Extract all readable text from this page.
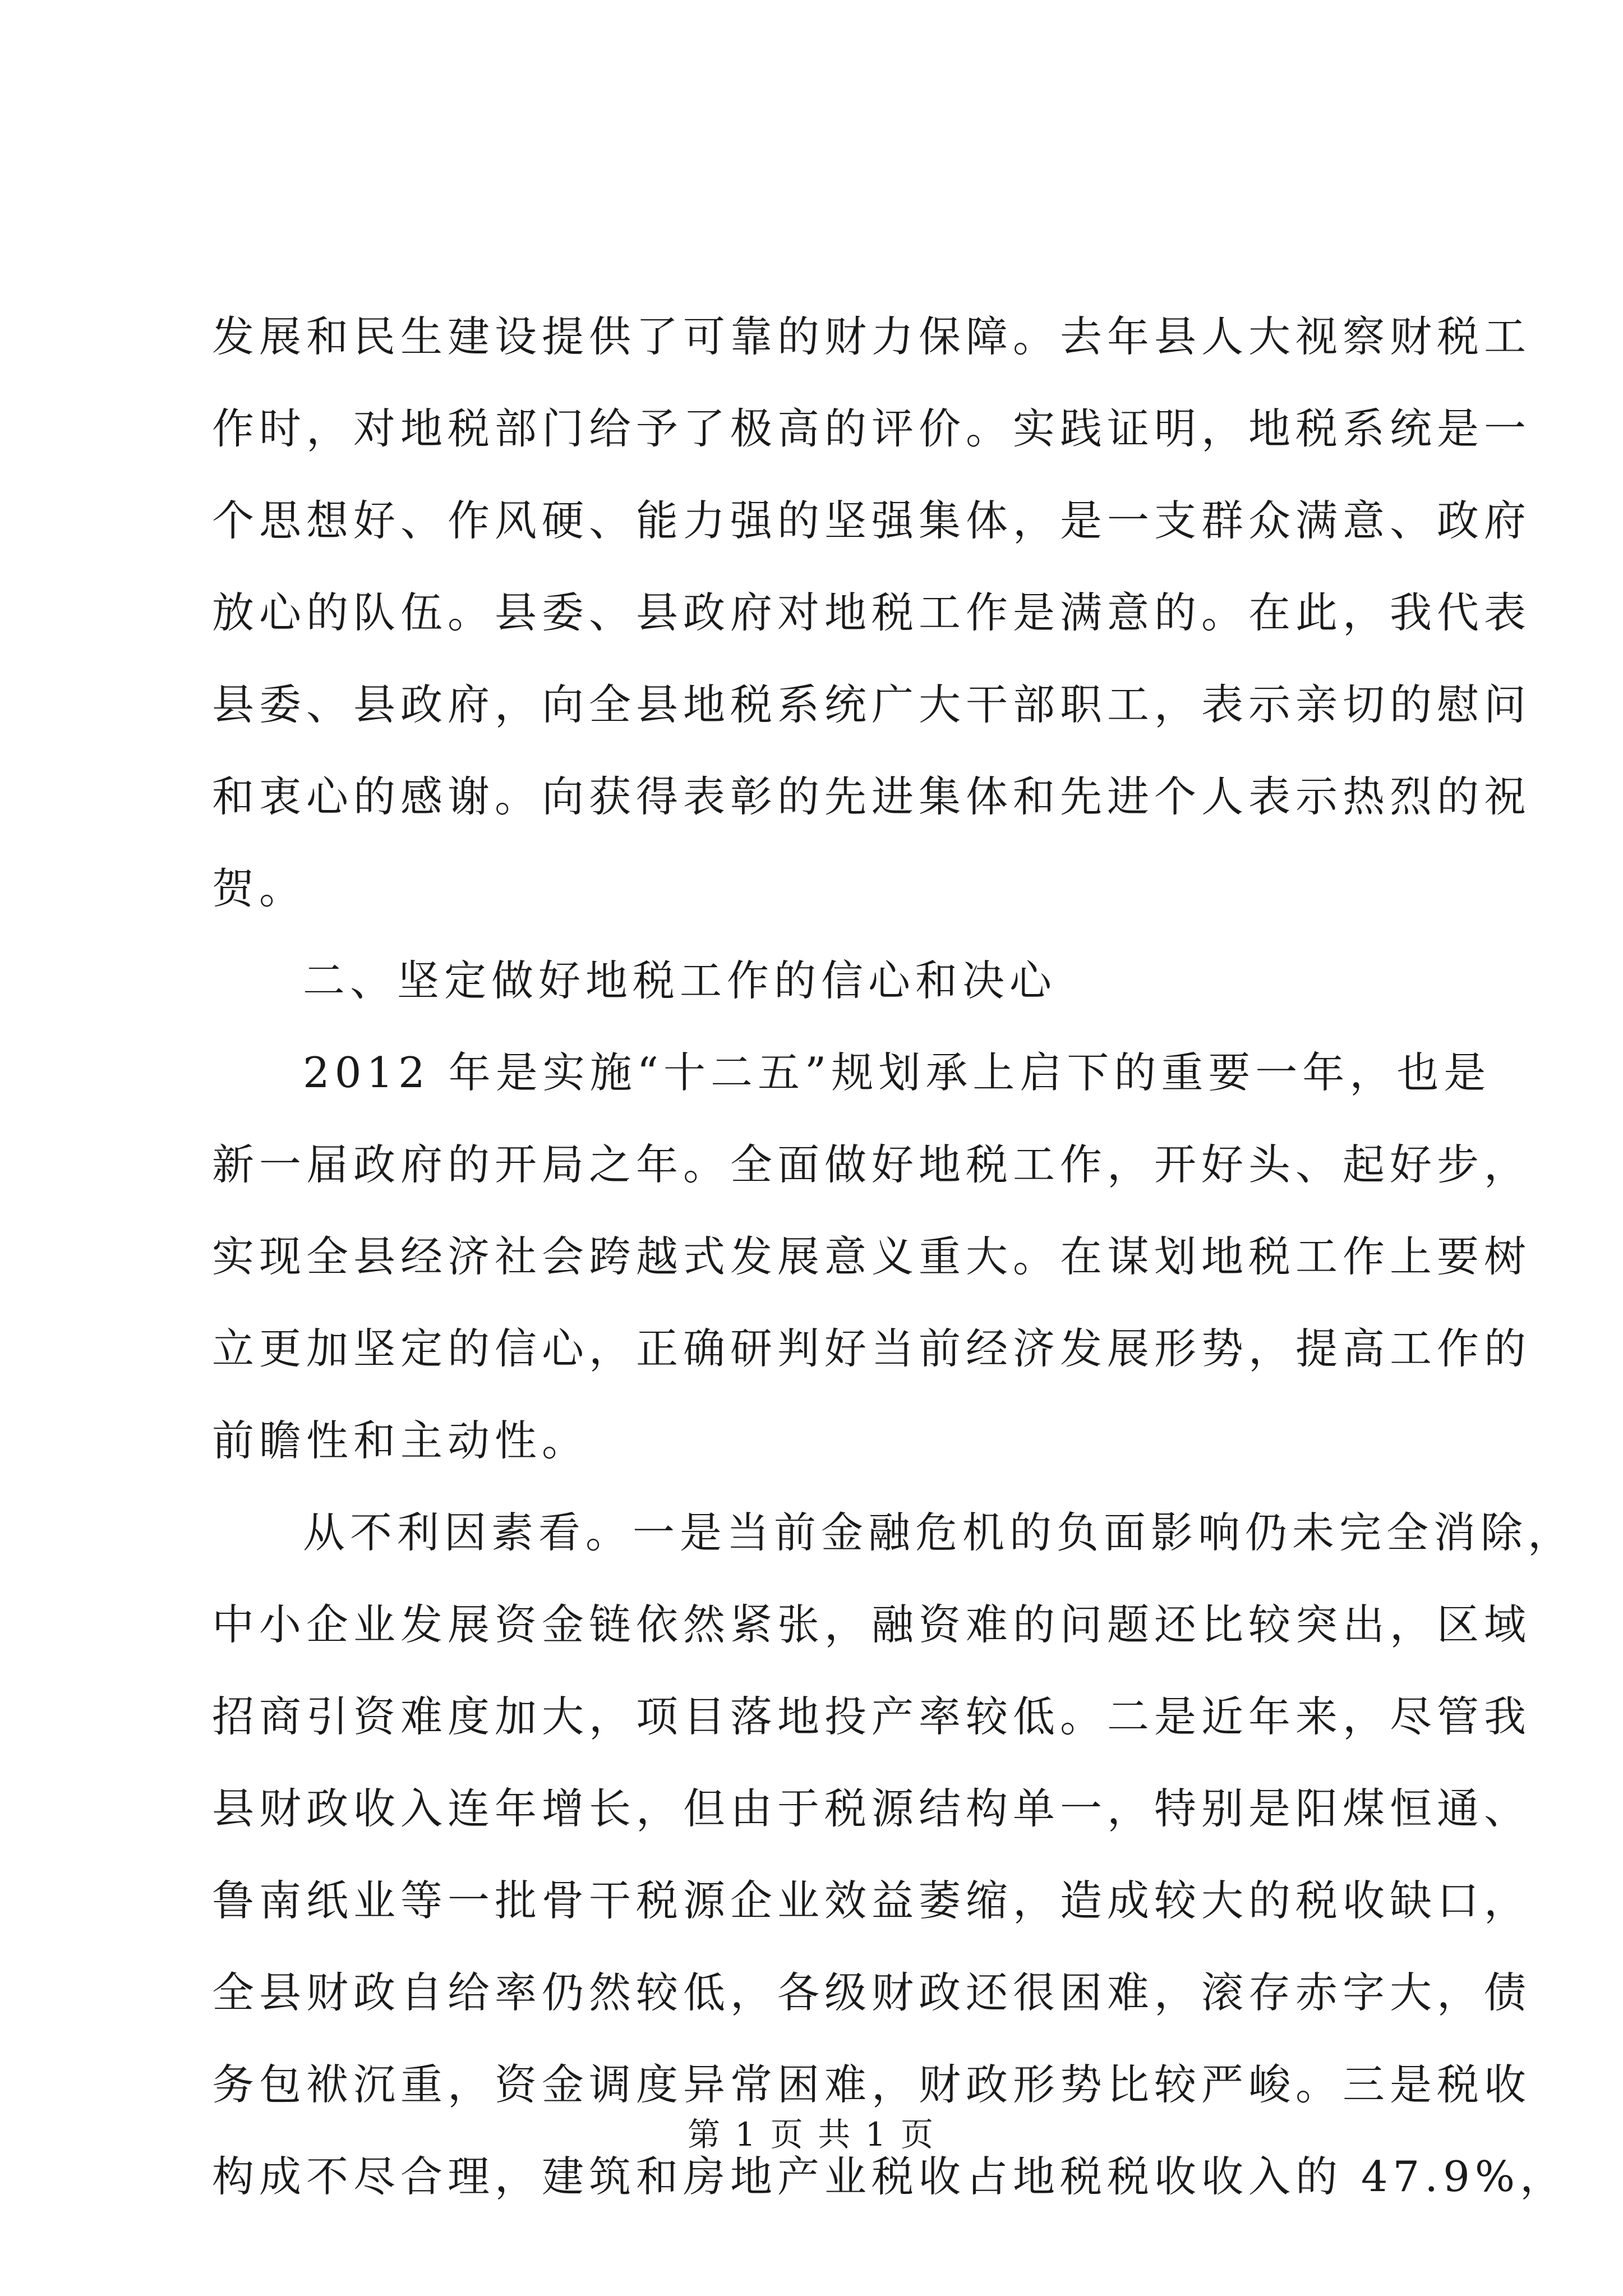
发展和民生建设提供了可靠的财力保障。去年县人大视察财税工
作时，对地税部门给予了极高的评价。实践证明，地税系统是一
个思想好、作风硬、能力强的坚强集体，是一支群众满意、政府
放心的队伍。县委、县政府对地税工作是满意的。在此，我代表
县委、县政府，向全县地税系统广大干部职工，表示亲切的慰问
和衷心的感谢。向获得表彰的先进集体和先进个人表示热烈的祝
贺。
二、坚定做好地税工作的信心和决心
2012 年是实施“十二五”规划承上启下的重要一年，也是
新一届政府的开局之年。全面做好地税工作，开好头、起好步，
实现全县经济社会跨越式发展意义重大。在谋划地税工作上要树
立更加坚定的信心，正确研判好当前经济发展形势，提高工作的
前瞻性和主动性。
从不利因素看。一是当前金融危机的负面影响仍未完全消除，
中小企业发展资金链依然紧张，融资难的问题还比较突出，区域
招商引资难度加大，项目落地投产率较低。二是近年来，尽管我
县财政收入连年增长，但由于税源结构单一，特别是阳煤恒通、
鲁南纸业等一批骨干税源企业效益萎缩，造成较大的税收缺口，
全县财政自给率仍然较低，各级财政还很困难，滚存赤字大，债
务包袱沉重，资金调度异常困难，财政形势比较严峻。三是税收
构成不尽合理，建筑和房地产业税收占地税税收收入的 47.9%，
第 1 页 共 1 页
